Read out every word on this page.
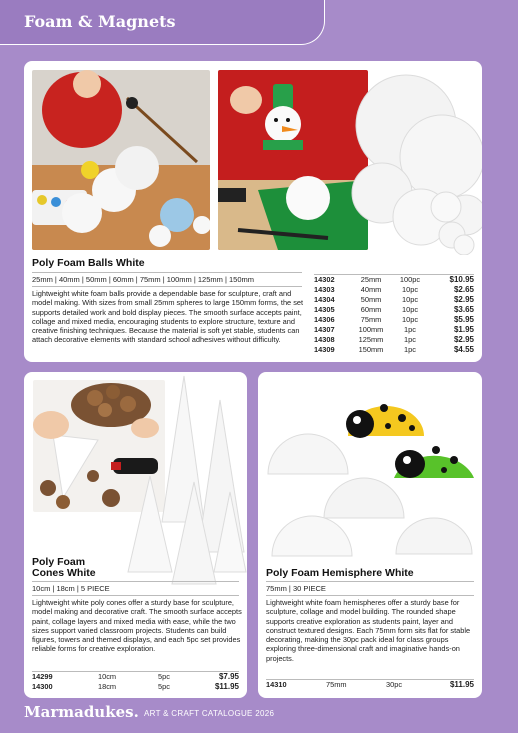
Foam & Magnets
Poly Foam Balls White
25mm | 40mm | 50mm | 60mm | 75mm | 100mm | 125mm | 150mm
Lightweight white foam balls provide a dependable base for sculpture, craft and model making. With sizes from small 25mm spheres to large 150mm forms, the set supports detailed work and bold display pieces. The smooth surface accepts paint, collage and mixed media, encouraging students to explore structure, texture and creative finishing techniques. Because the material is soft yet stable, students can attach decorative elements with standard school adhesives without difficulty.
14302	25mm	100pc	$10.95
14303	40mm	10pc	$2.65
14304	50mm	10pc	$2.95
14305	60mm	10pc	$3.65
14306	75mm	10pc	$5.95
14307	100mm	1pc	$1.95
14308	125mm	1pc	$2.95
14309	150mm	1pc	$4.55
Poly Foam
Cones White
10cm | 18cm | 5 PIECE
Lightweight white poly cones offer a sturdy base for sculpture, model making and decorative craft. The smooth surface accepts paint, collage layers and mixed media with ease, while the two sizes support varied classroom projects. Students can build figures, towers and themed displays, and each 5pc set provides reliable forms for creative exploration.
14299	10cm	5pc	$7.95
14300	18cm	5pc	$11.95
Poly Foam Hemisphere White
75mm | 30 PIECE
Lightweight white foam hemispheres offer a sturdy base for sculpture, collage and model building. The rounded shape supports creative exploration as students paint, layer and construct textured designs. Each 75mm form sits flat for stable decorating, making the 30pc pack ideal for class groups exploring three-dimensional craft and imaginative hands-on projects.
14310	75mm	30pc	$11.95
Marmadukes. ART & CRAFT CATALOGUE 2026
